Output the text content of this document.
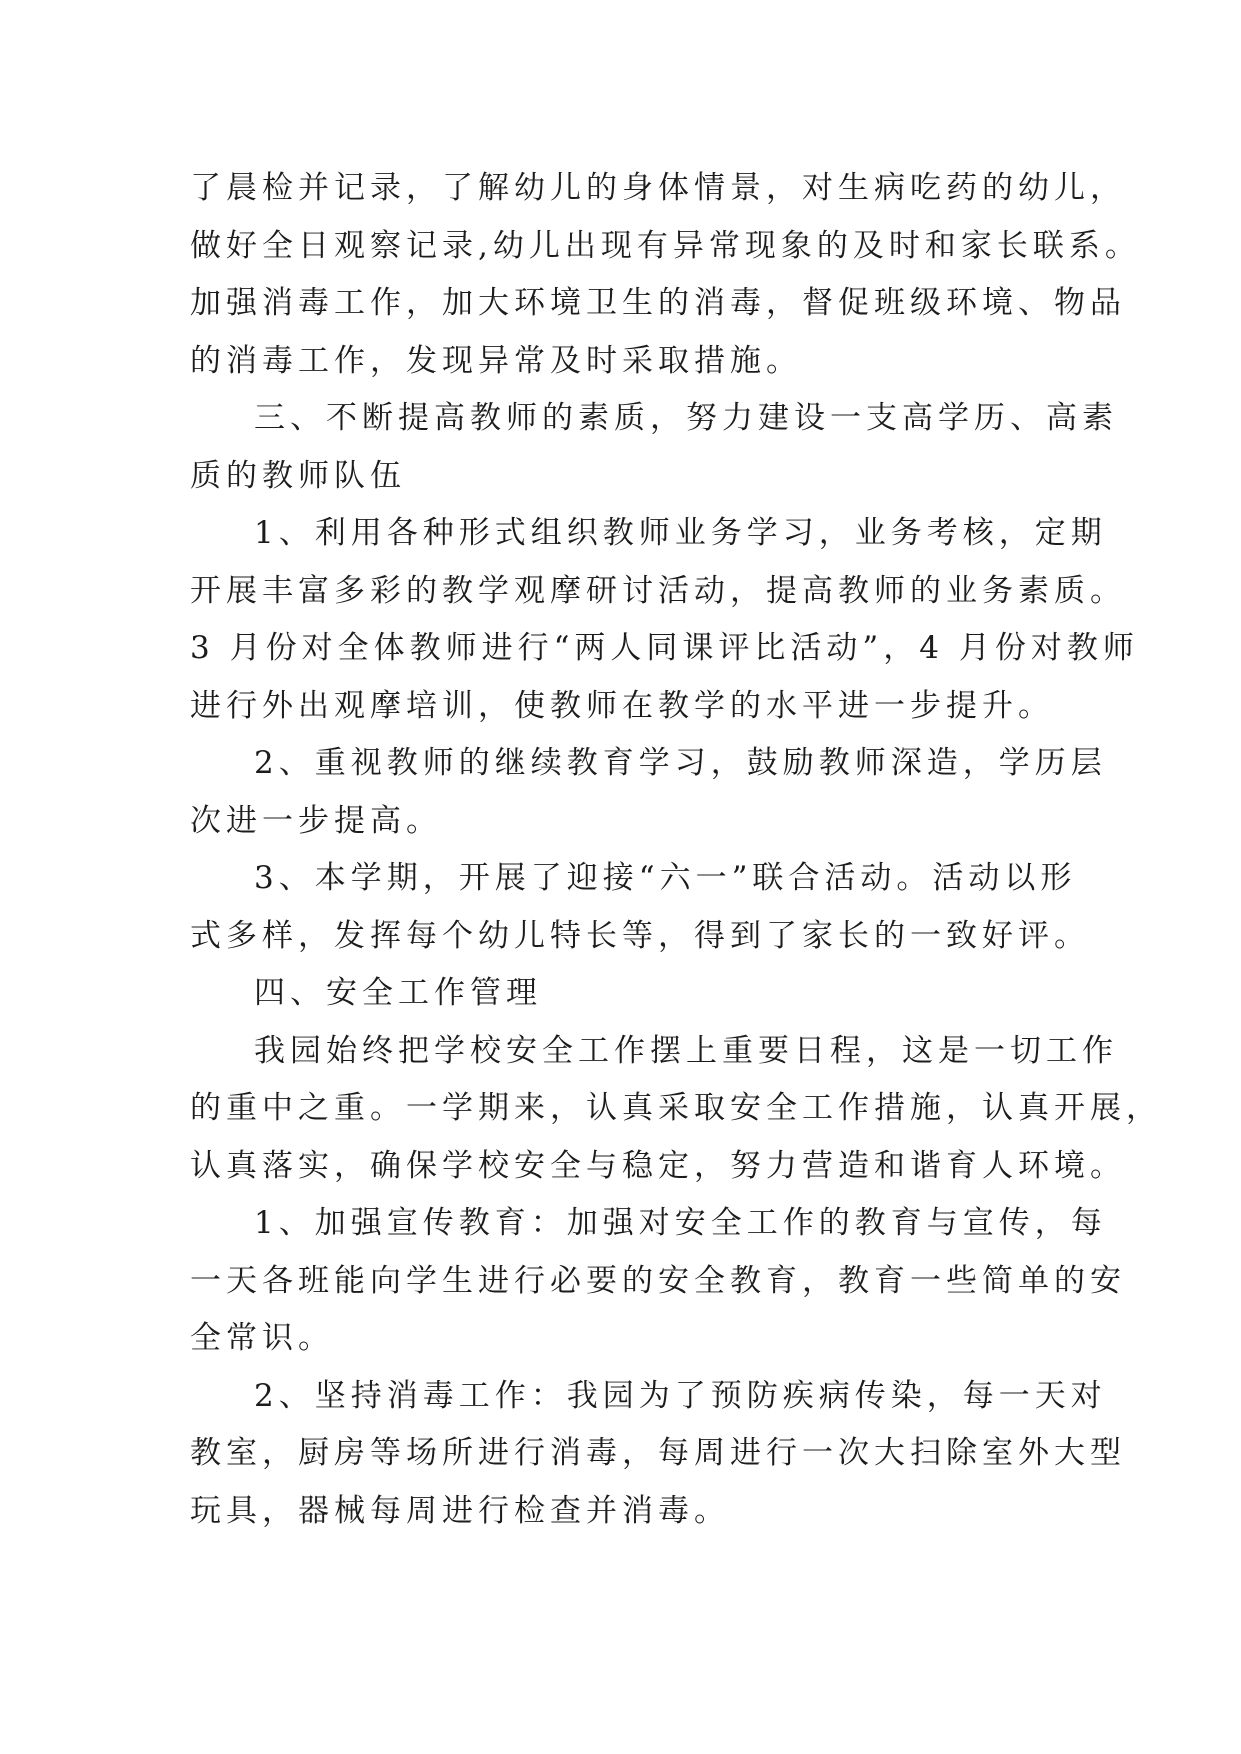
了晨检并记录，了解幼儿的身体情景，对生病吃药的幼儿，
做好全日观察记录,幼儿出现有异常现象的及时和家长联系。
加强消毒工作，加大环境卫生的消毒，督促班级环境、物品
的消毒工作，发现异常及时采取措施。
三、不断提高教师的素质，努力建设一支高学历、高素
质的教师队伍
1、利用各种形式组织教师业务学习，业务考核，定期
开展丰富多彩的教学观摩研讨活动，提高教师的业务素质。
3 月份对全体教师进行“两人同课评比活动”，4 月份对教师
进行外出观摩培训，使教师在教学的水平进一步提升。
2、重视教师的继续教育学习，鼓励教师深造，学历层
次进一步提高。
3、本学期，开展了迎接“六一”联合活动。活动以形
式多样，发挥每个幼儿特长等，得到了家长的一致好评。
四、安全工作管理
我园始终把学校安全工作摆上重要日程，这是一切工作
的重中之重。一学期来，认真采取安全工作措施，认真开展，
认真落实，确保学校安全与稳定，努力营造和谐育人环境。
1、加强宣传教育：加强对安全工作的教育与宣传，每
一天各班能向学生进行必要的安全教育，教育一些简单的安
全常识。
2、坚持消毒工作：我园为了预防疾病传染，每一天对
教室，厨房等场所进行消毒，每周进行一次大扫除室外大型
玩具，器械每周进行检查并消毒。
